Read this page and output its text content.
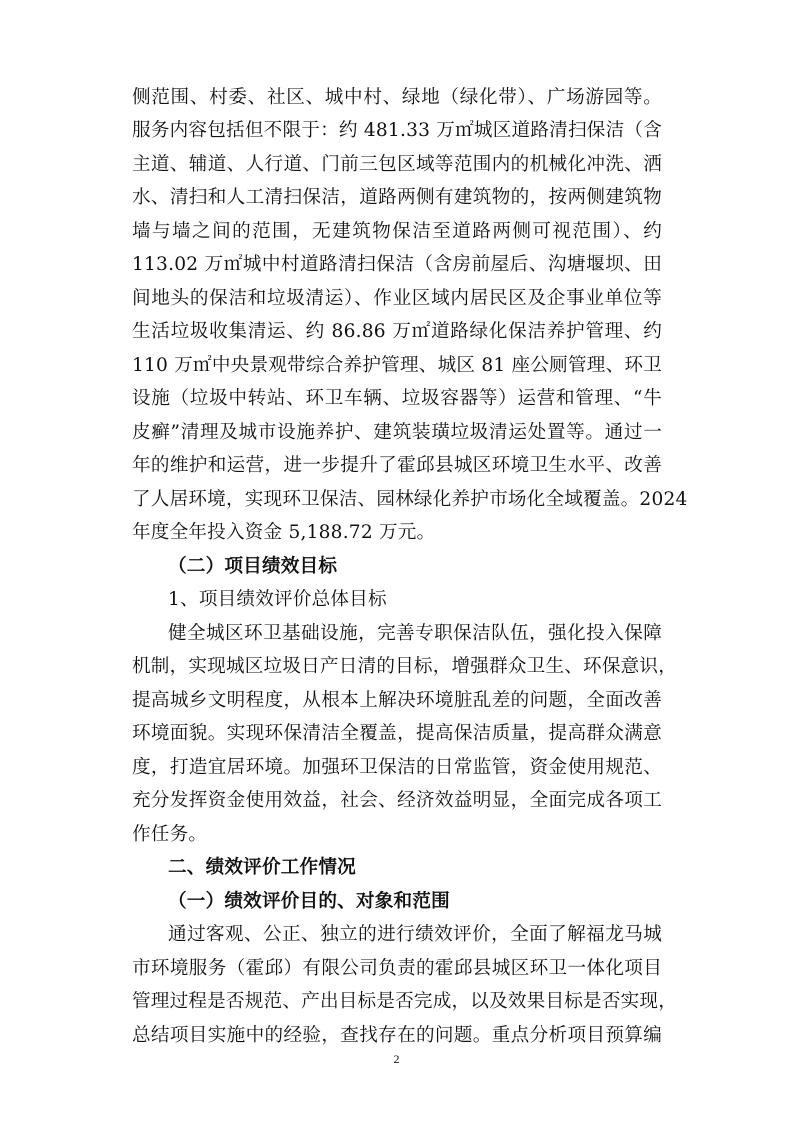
侧范围、村委、社区、城中村、绿地（绿化带）、广场游园等。
服务内容包括但不限于：约 481.33 万㎡城区道路清扫保洁（含
主道、辅道、人行道、门前三包区域等范围内的机械化冲洗、洒
水、清扫和人工清扫保洁，道路两侧有建筑物的，按两侧建筑物
墙与墙之间的范围，无建筑物保洁至道路两侧可视范围）、约
113.02 万㎡城中村道路清扫保洁（含房前屋后、沟塘堰坝、田
间地头的保洁和垃圾清运）、作业区域内居民区及企事业单位等
生活垃圾收集清运、约 86.86 万㎡道路绿化保洁养护管理、约
110 万㎡中央景观带综合养护管理、城区 81 座公厕管理、环卫
设施（垃圾中转站、环卫车辆、垃圾容器等）运营和管理、“牛
皮癣”清理及城市设施养护、建筑装璜垃圾清运处置等。通过一
年的维护和运营，进一步提升了霍邱县城区环境卫生水平、改善
了人居环境，实现环卫保洁、园林绿化养护市场化全域覆盖。2024
年度全年投入资金 5,188.72 万元。
（二）项目绩效目标
1、项目绩效评价总体目标
健全城区环卫基础设施，完善专职保洁队伍，强化投入保障
机制，实现城区垃圾日产日清的目标，增强群众卫生、环保意识，
提高城乡文明程度，从根本上解决环境脏乱差的问题，全面改善
环境面貌。实现环保清洁全覆盖，提高保洁质量，提高群众满意
度，打造宜居环境。加强环卫保洁的日常监管，资金使用规范、
充分发挥资金使用效益，社会、经济效益明显，全面完成各项工
作任务。
二、绩效评价工作情况
（一）绩效评价目的、对象和范围
通过客观、公正、独立的进行绩效评价，全面了解福龙马城
市环境服务（霍邱）有限公司负责的霍邱县城区环卫一体化项目
管理过程是否规范、产出目标是否完成，以及效果目标是否实现，
总结项目实施中的经验，查找存在的问题。重点分析项目预算编
2
